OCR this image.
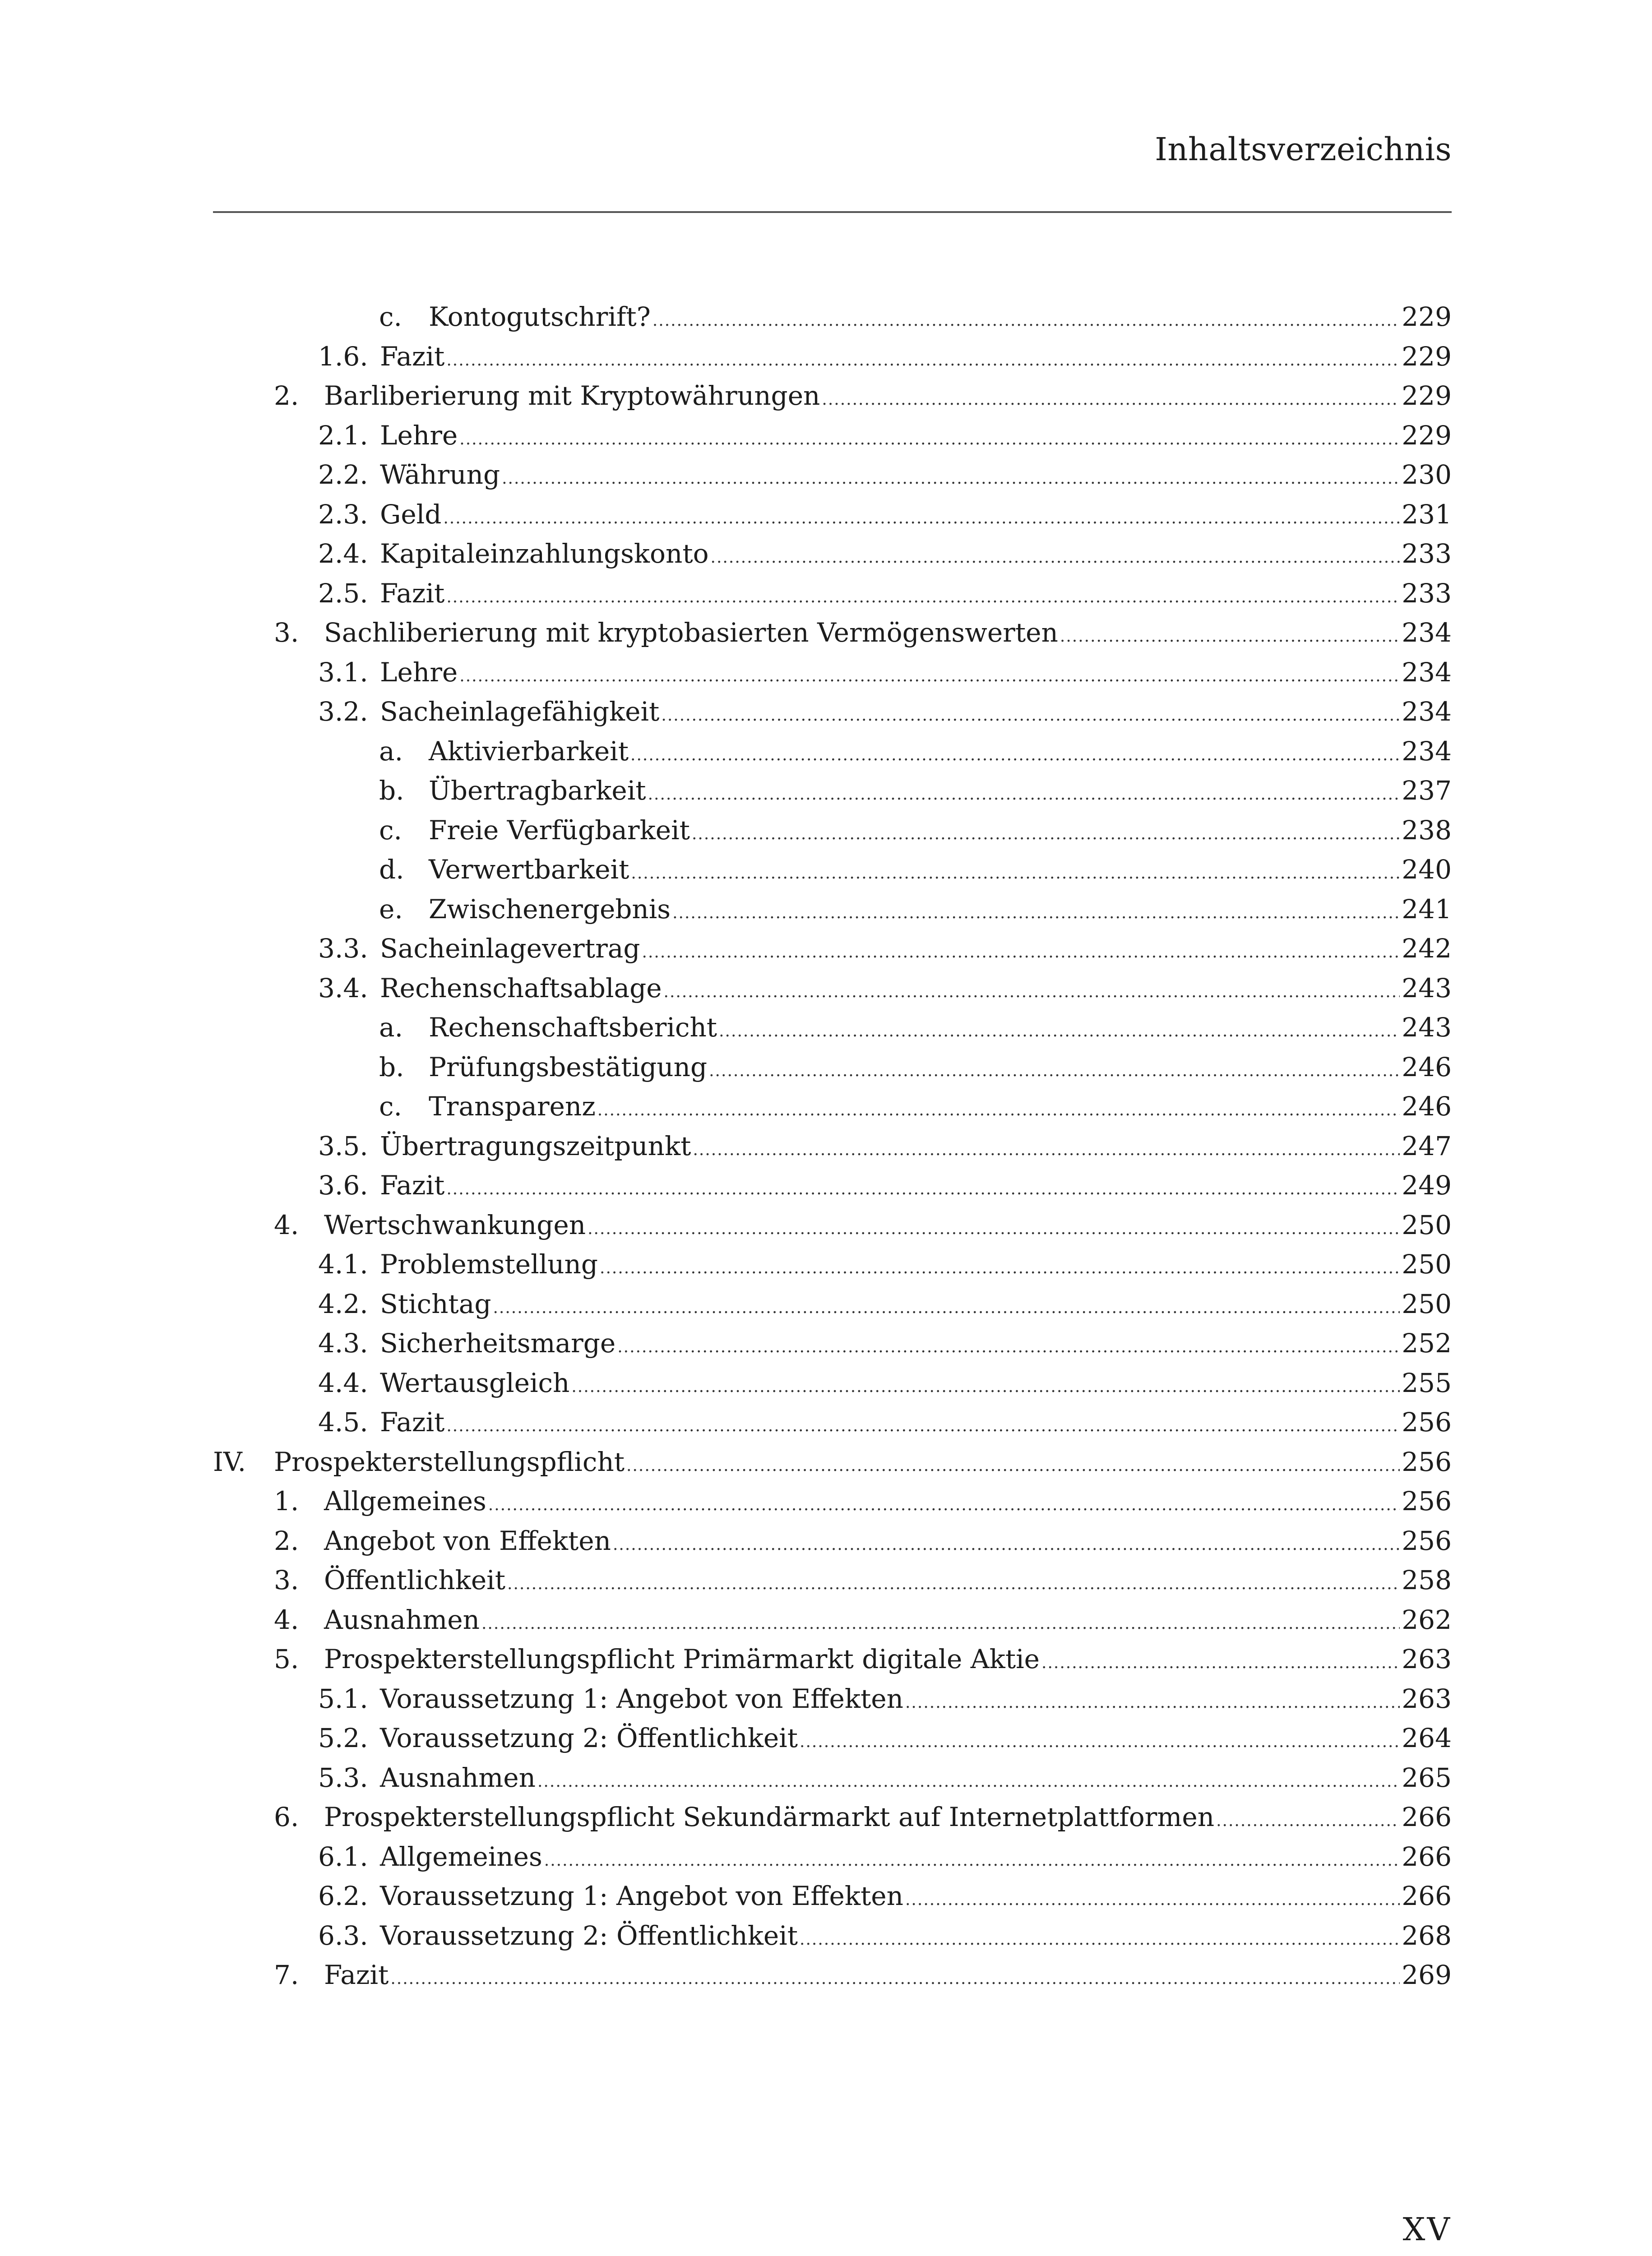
Inhaltsverzeichnis
c. Kontogutschrift? .....	229
1.6. Fazit .....	229
2. Barliberierung mit Kryptowährungen .....	229
2.1. Lehre .....	229
2.2. Währung .....	230
2.3. Geld .....	231
2.4. Kapitaleinzahlungskonto .....	233
2.5. Fazit .....	233
3. Sachliberierung mit kryptobasierten Vermögenswerten .....	234
3.1. Lehre .....	234
3.2. Sacheinlagefähigkeit .....	234
a. Aktivierbarkeit .....	234
b. Übertragbarkeit .....	237
c. Freie Verfügbarkeit .....	238
d. Verwertbarkeit .....	240
e. Zwischenergebnis .....	241
3.3. Sacheinlagevertrag .....	242
3.4. Rechenschaftsablage .....	243
a. Rechenschaftsbericht .....	243
b. Prüfungsbestätigung .....	246
c. Transparenz .....	246
3.5. Übertragungszeitpunkt .....	247
3.6. Fazit .....	249
4. Wertschwankungen .....	250
4.1. Problemstellung .....	250
4.2. Stichtag .....	250
4.3. Sicherheitsmarge .....	252
4.4. Wertausgleich .....	255
4.5. Fazit .....	256
IV. Prospekterstellungspflicht .....	256
1. Allgemeines .....	256
2. Angebot von Effekten .....	256
3. Öffentlichkeit .....	258
4. Ausnahmen .....	262
5. Prospekterstellungspflicht Primärmarkt digitale Aktie .....	263
5.1. Voraussetzung 1: Angebot von Effekten .....	263
5.2. Voraussetzung 2: Öffentlichkeit .....	264
5.3. Ausnahmen .....	265
6. Prospekterstellungspflicht Sekundärmarkt auf Internetplattformen .....	266
6.1. Allgemeines .....	266
6.2. Voraussetzung 1: Angebot von Effekten .....	266
6.3. Voraussetzung 2: Öffentlichkeit .....	268
7. Fazit .....	269
XV
